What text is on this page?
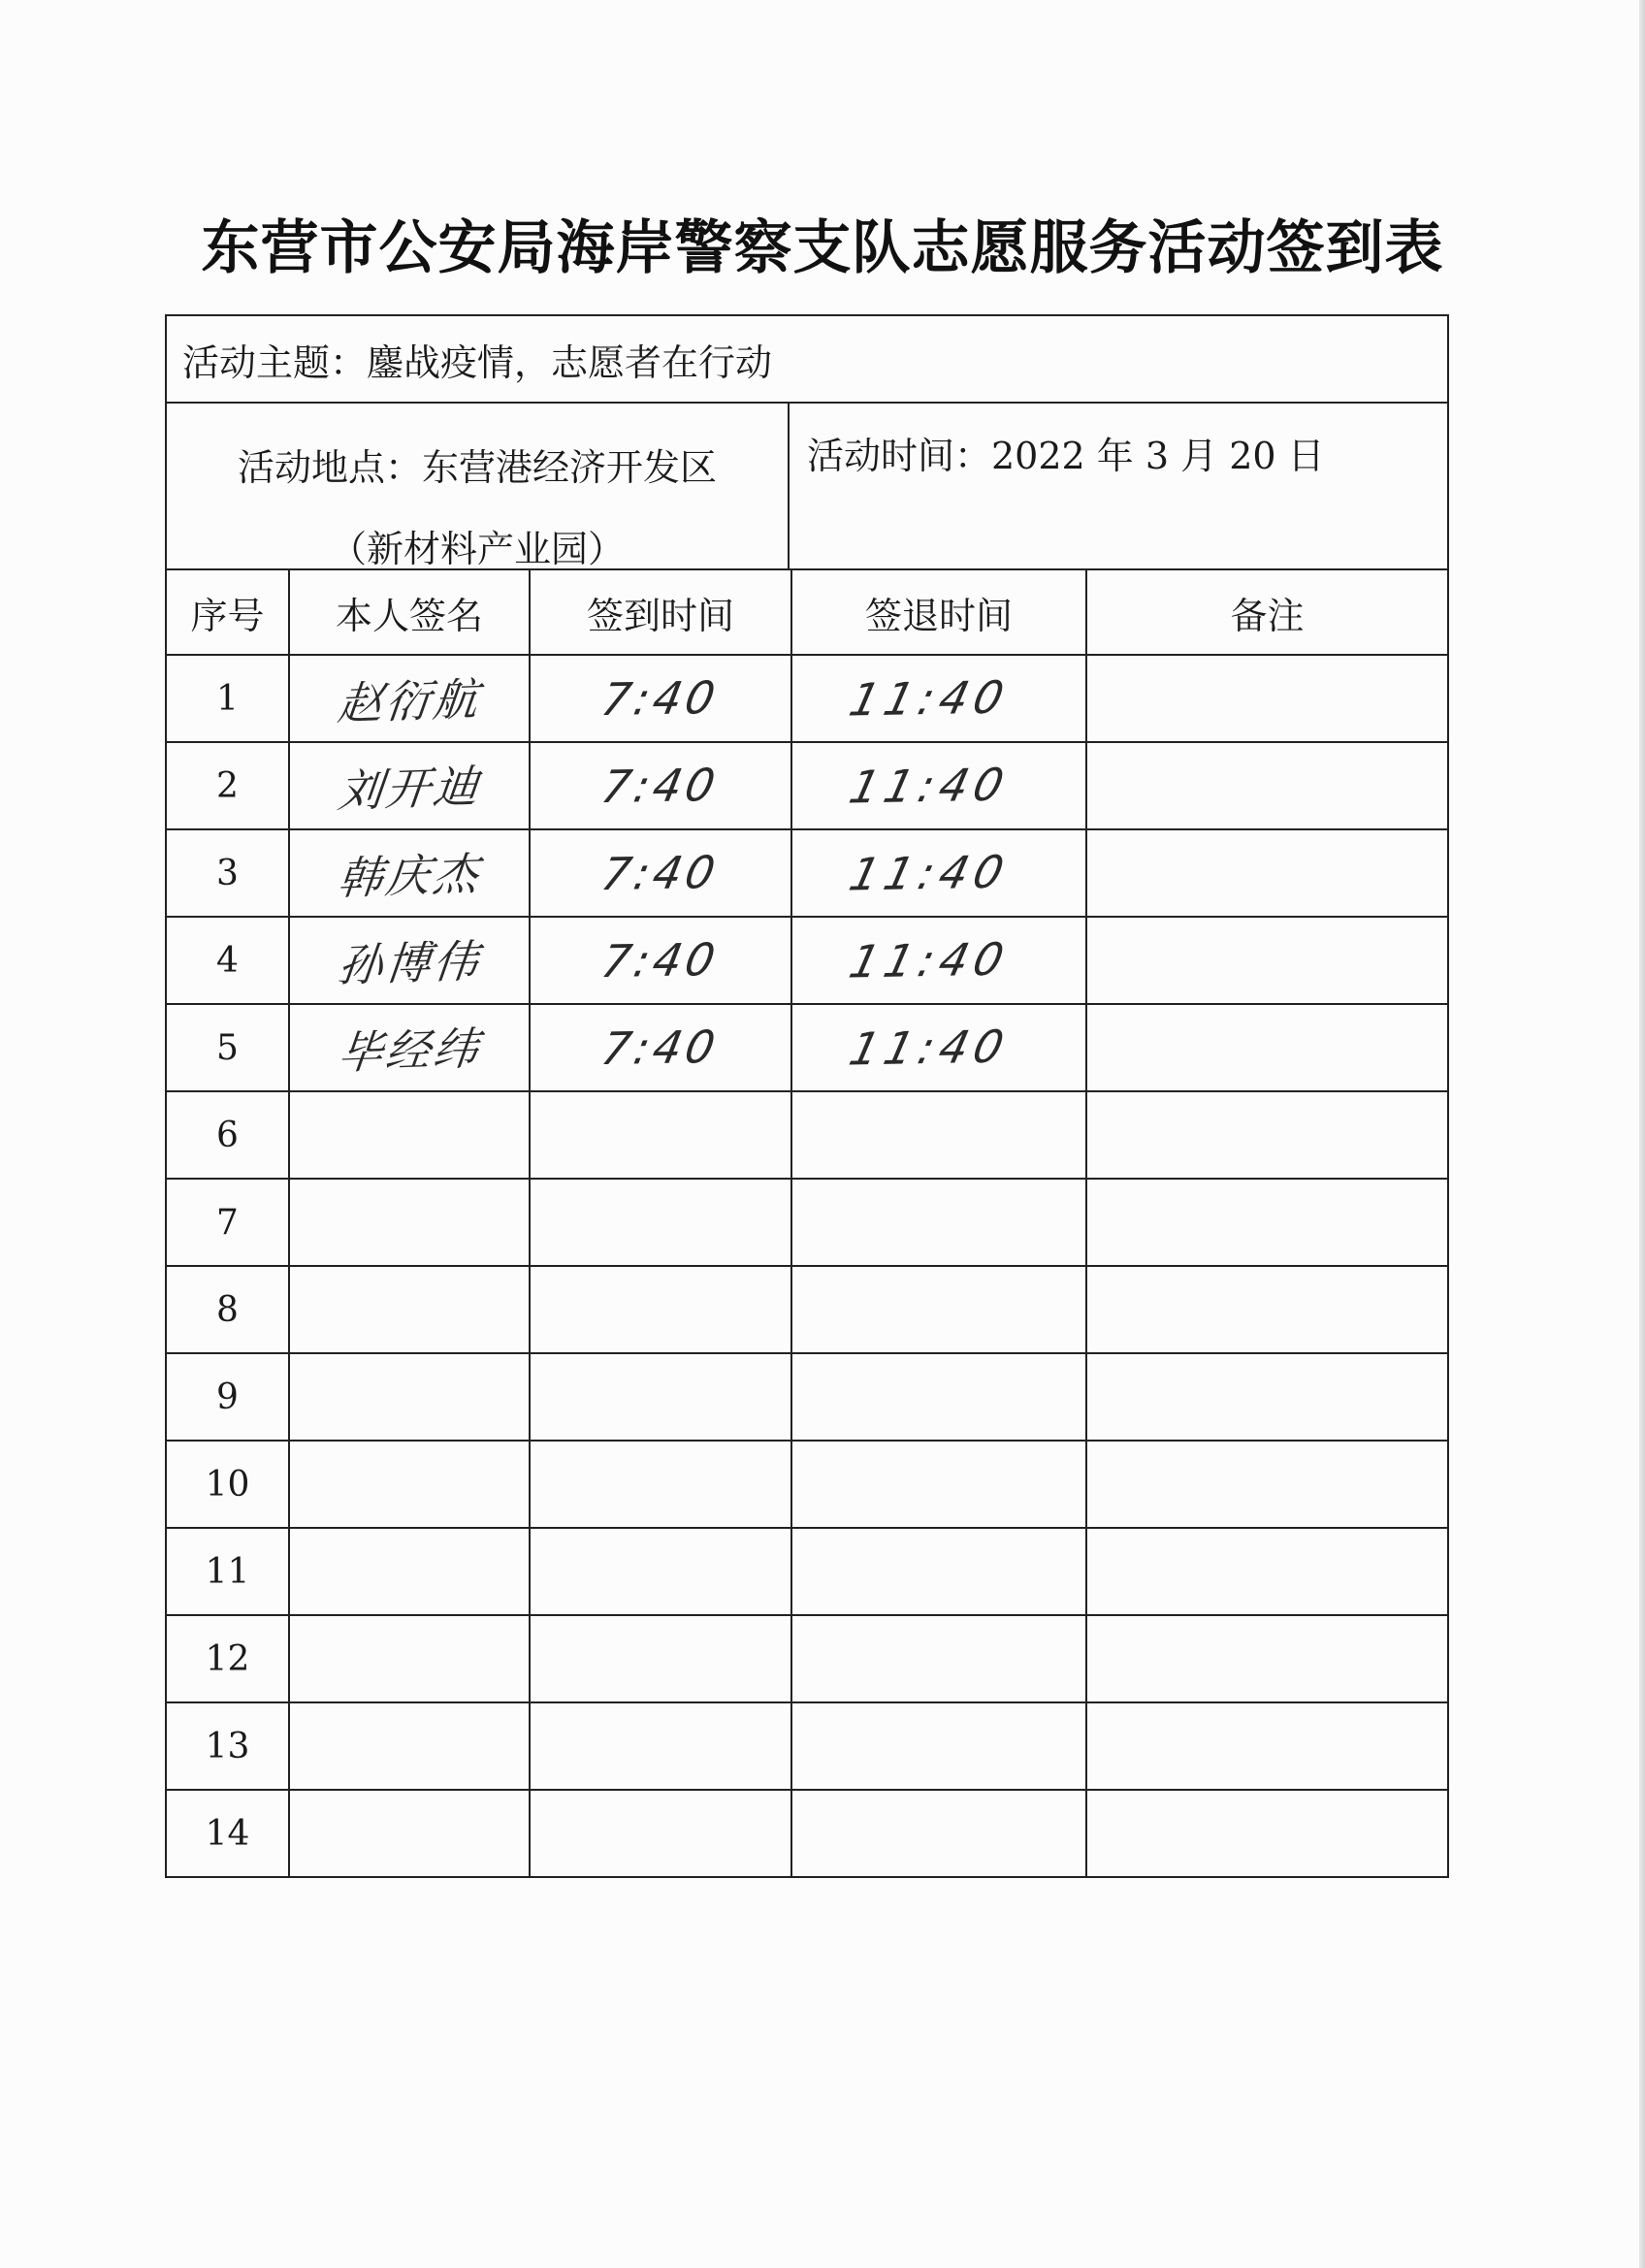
东营市公安局海岸警察支队志愿服务活动签到表
活动主题：鏖战疫情，志愿者在行动
活动地点：东营港经济开发区
（新材料产业园）
活动时间：2022 年 3 月 20 日
序号	本人签名	签到时间	签退时间	备注
1	赵衍航	7:40	11:40	
2	刘开迪	7:40	11:40	
3	韩庆杰	7:40	11:40	
4	孙博伟	7:40	11:40	
5	毕经纬	7:40	11:40	
6				
7				
8				
9				
10				
11				
12				
13				
14				
